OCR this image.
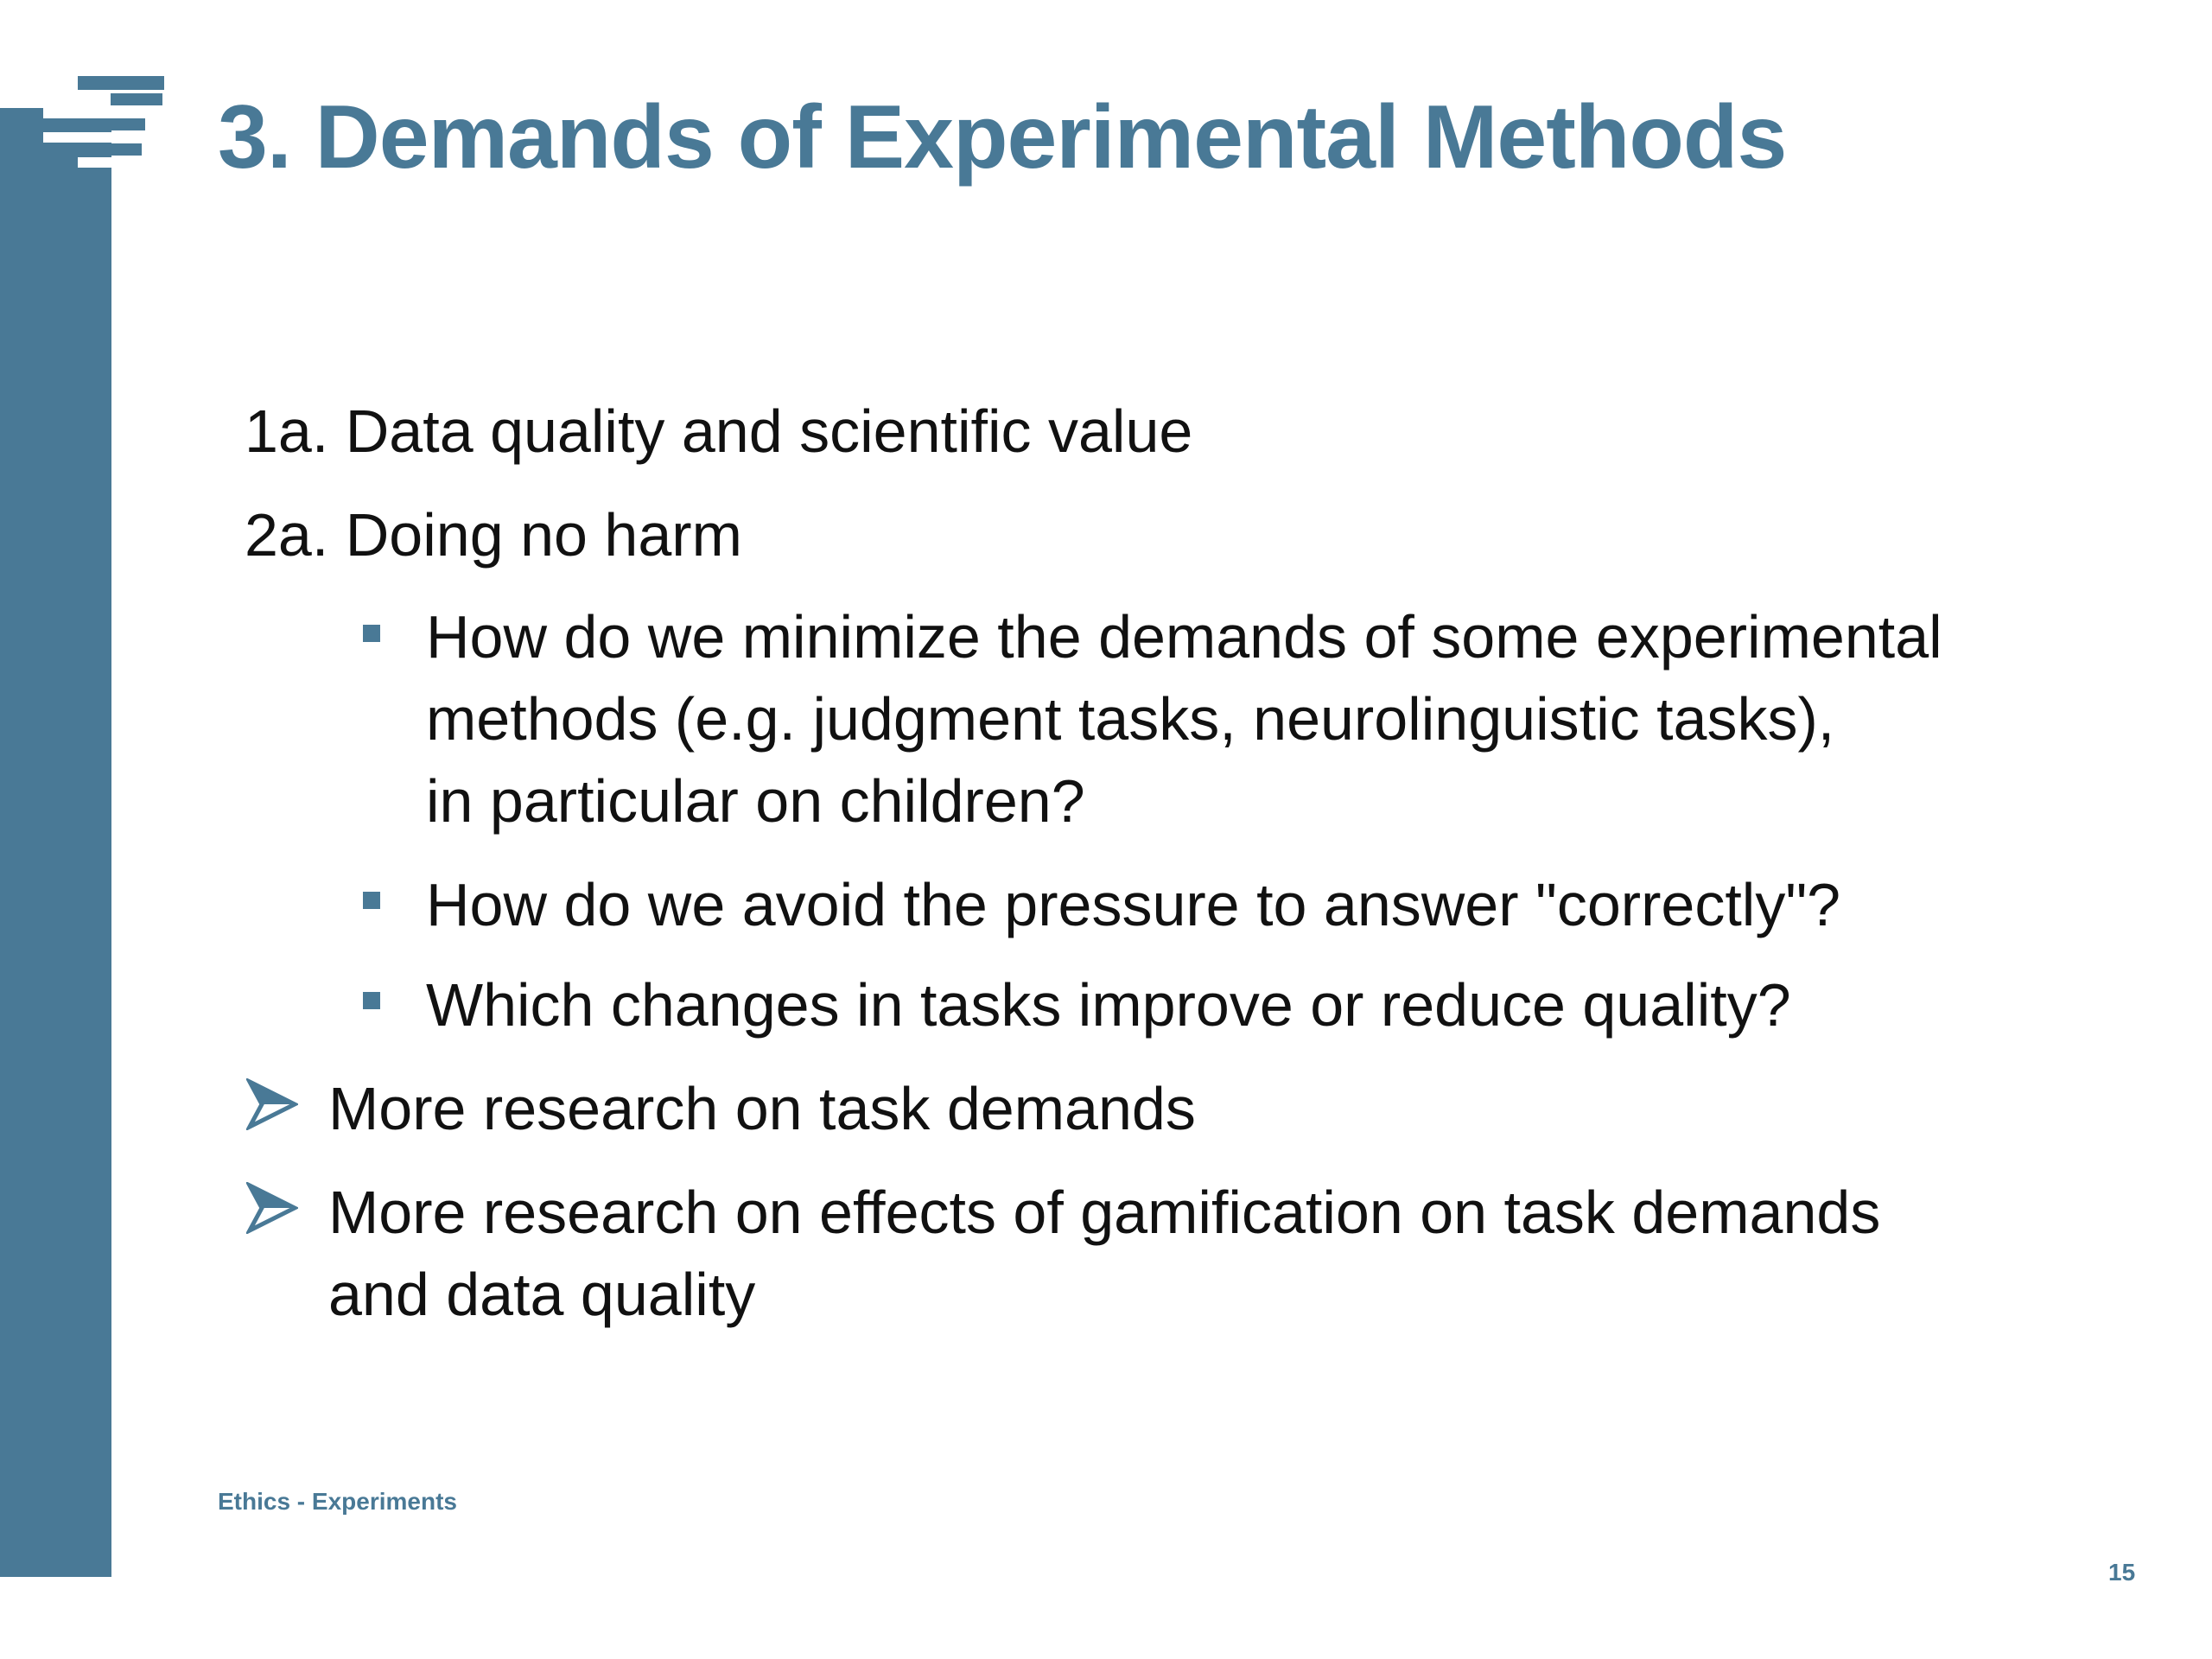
3. Demands of Experimental Methods
1a. Data quality and scientific value
2a. Doing no harm
How do we minimize the demands of some experimental
methods (e.g. judgment tasks, neurolinguistic tasks),
in particular on children?
How do we avoid the pressure to answer "correctly"?
Which changes in tasks improve or reduce quality?
More research on task demands
More research on effects of gamification on task demands
and data quality
Ethics - Experiments
15
